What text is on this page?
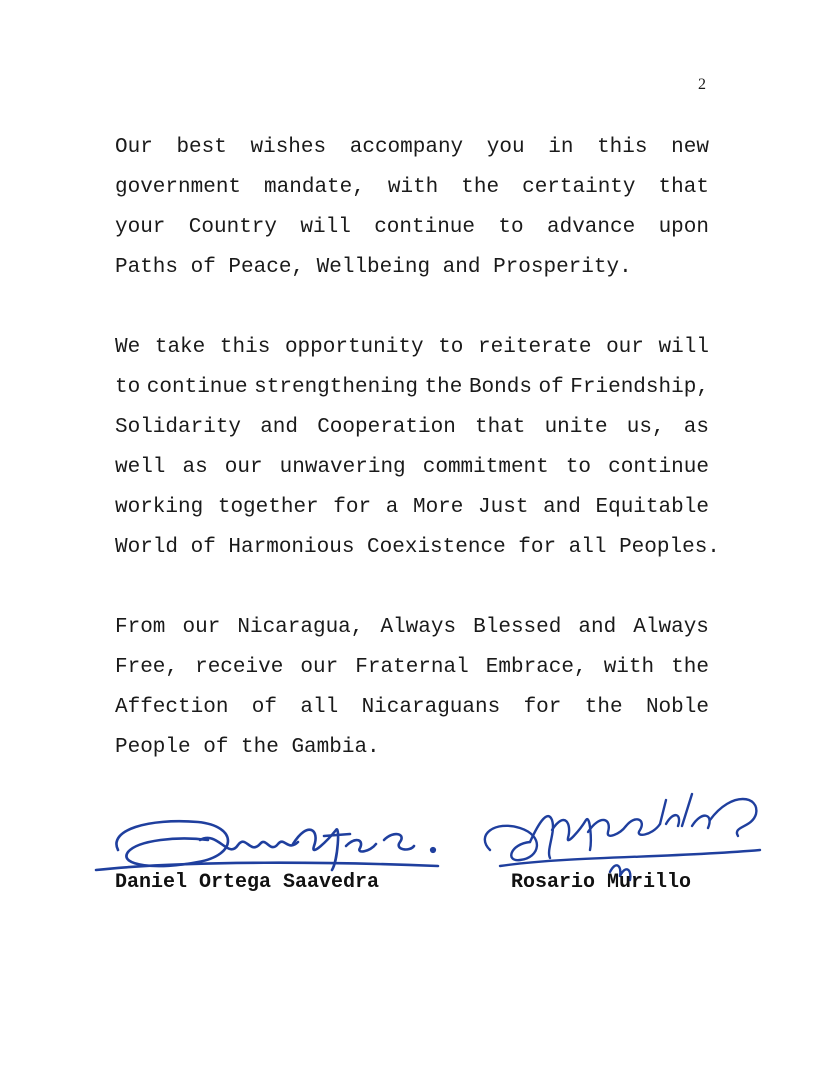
2
Our best wishes accompany you in this new
government mandate, with the certainty that
your Country will continue to advance upon
Paths of Peace, Wellbeing and Prosperity.
We take this opportunity to reiterate our will
to continue strengthening the Bonds of Friendship,
Solidarity and Cooperation that unite us, as
well as our unwavering commitment to continue
working together for a More Just and Equitable
World of Harmonious Coexistence for all Peoples.
From our Nicaragua, Always Blessed and Always
Free, receive our Fraternal Embrace, with the
Affection of all Nicaraguans for the Noble
People of the Gambia.
Daniel Ortega Saavedra	Rosario Murillo
